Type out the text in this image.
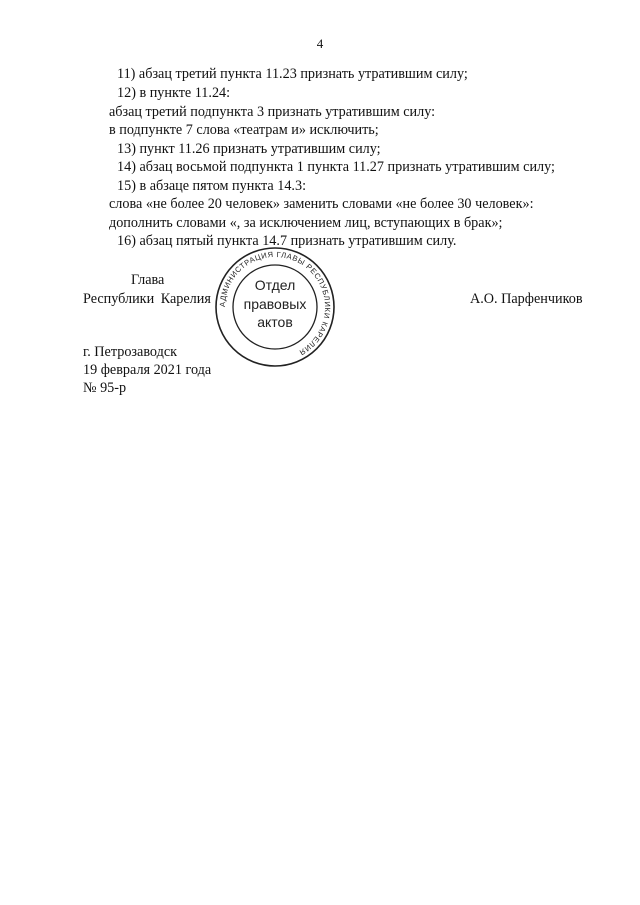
4
11) абзац третий пункта 11.23 признать утратившим силу;
12) в пункте 11.24:
абзац третий подпункта 3 признать утратившим силу:
в подпункте 7 слова «театрам и» исключить;
13) пункт 11.26 признать утратившим силу;
14) абзац восьмой подпункта 1 пункта 11.27 признать утратившим силу;
15) в абзаце пятом пункта 14.3:
слова «не более 20 человек» заменить словами «не более 30 человек»:
дополнить словами «, за исключением лиц, вступающих в брак»;
16) абзац пятый пункта 14.7 признать утратившим силу.
Глава
Республики Карелия	А.О. Парфенчиков
АДМИНИСТРАЦИЯ ГЛАВЫ РЕСПУБЛИКИ КАРЕЛИЯ
Отдел
правовых
актов
г. Петрозаводск
19 февраля 2021 года
№ 95-р
